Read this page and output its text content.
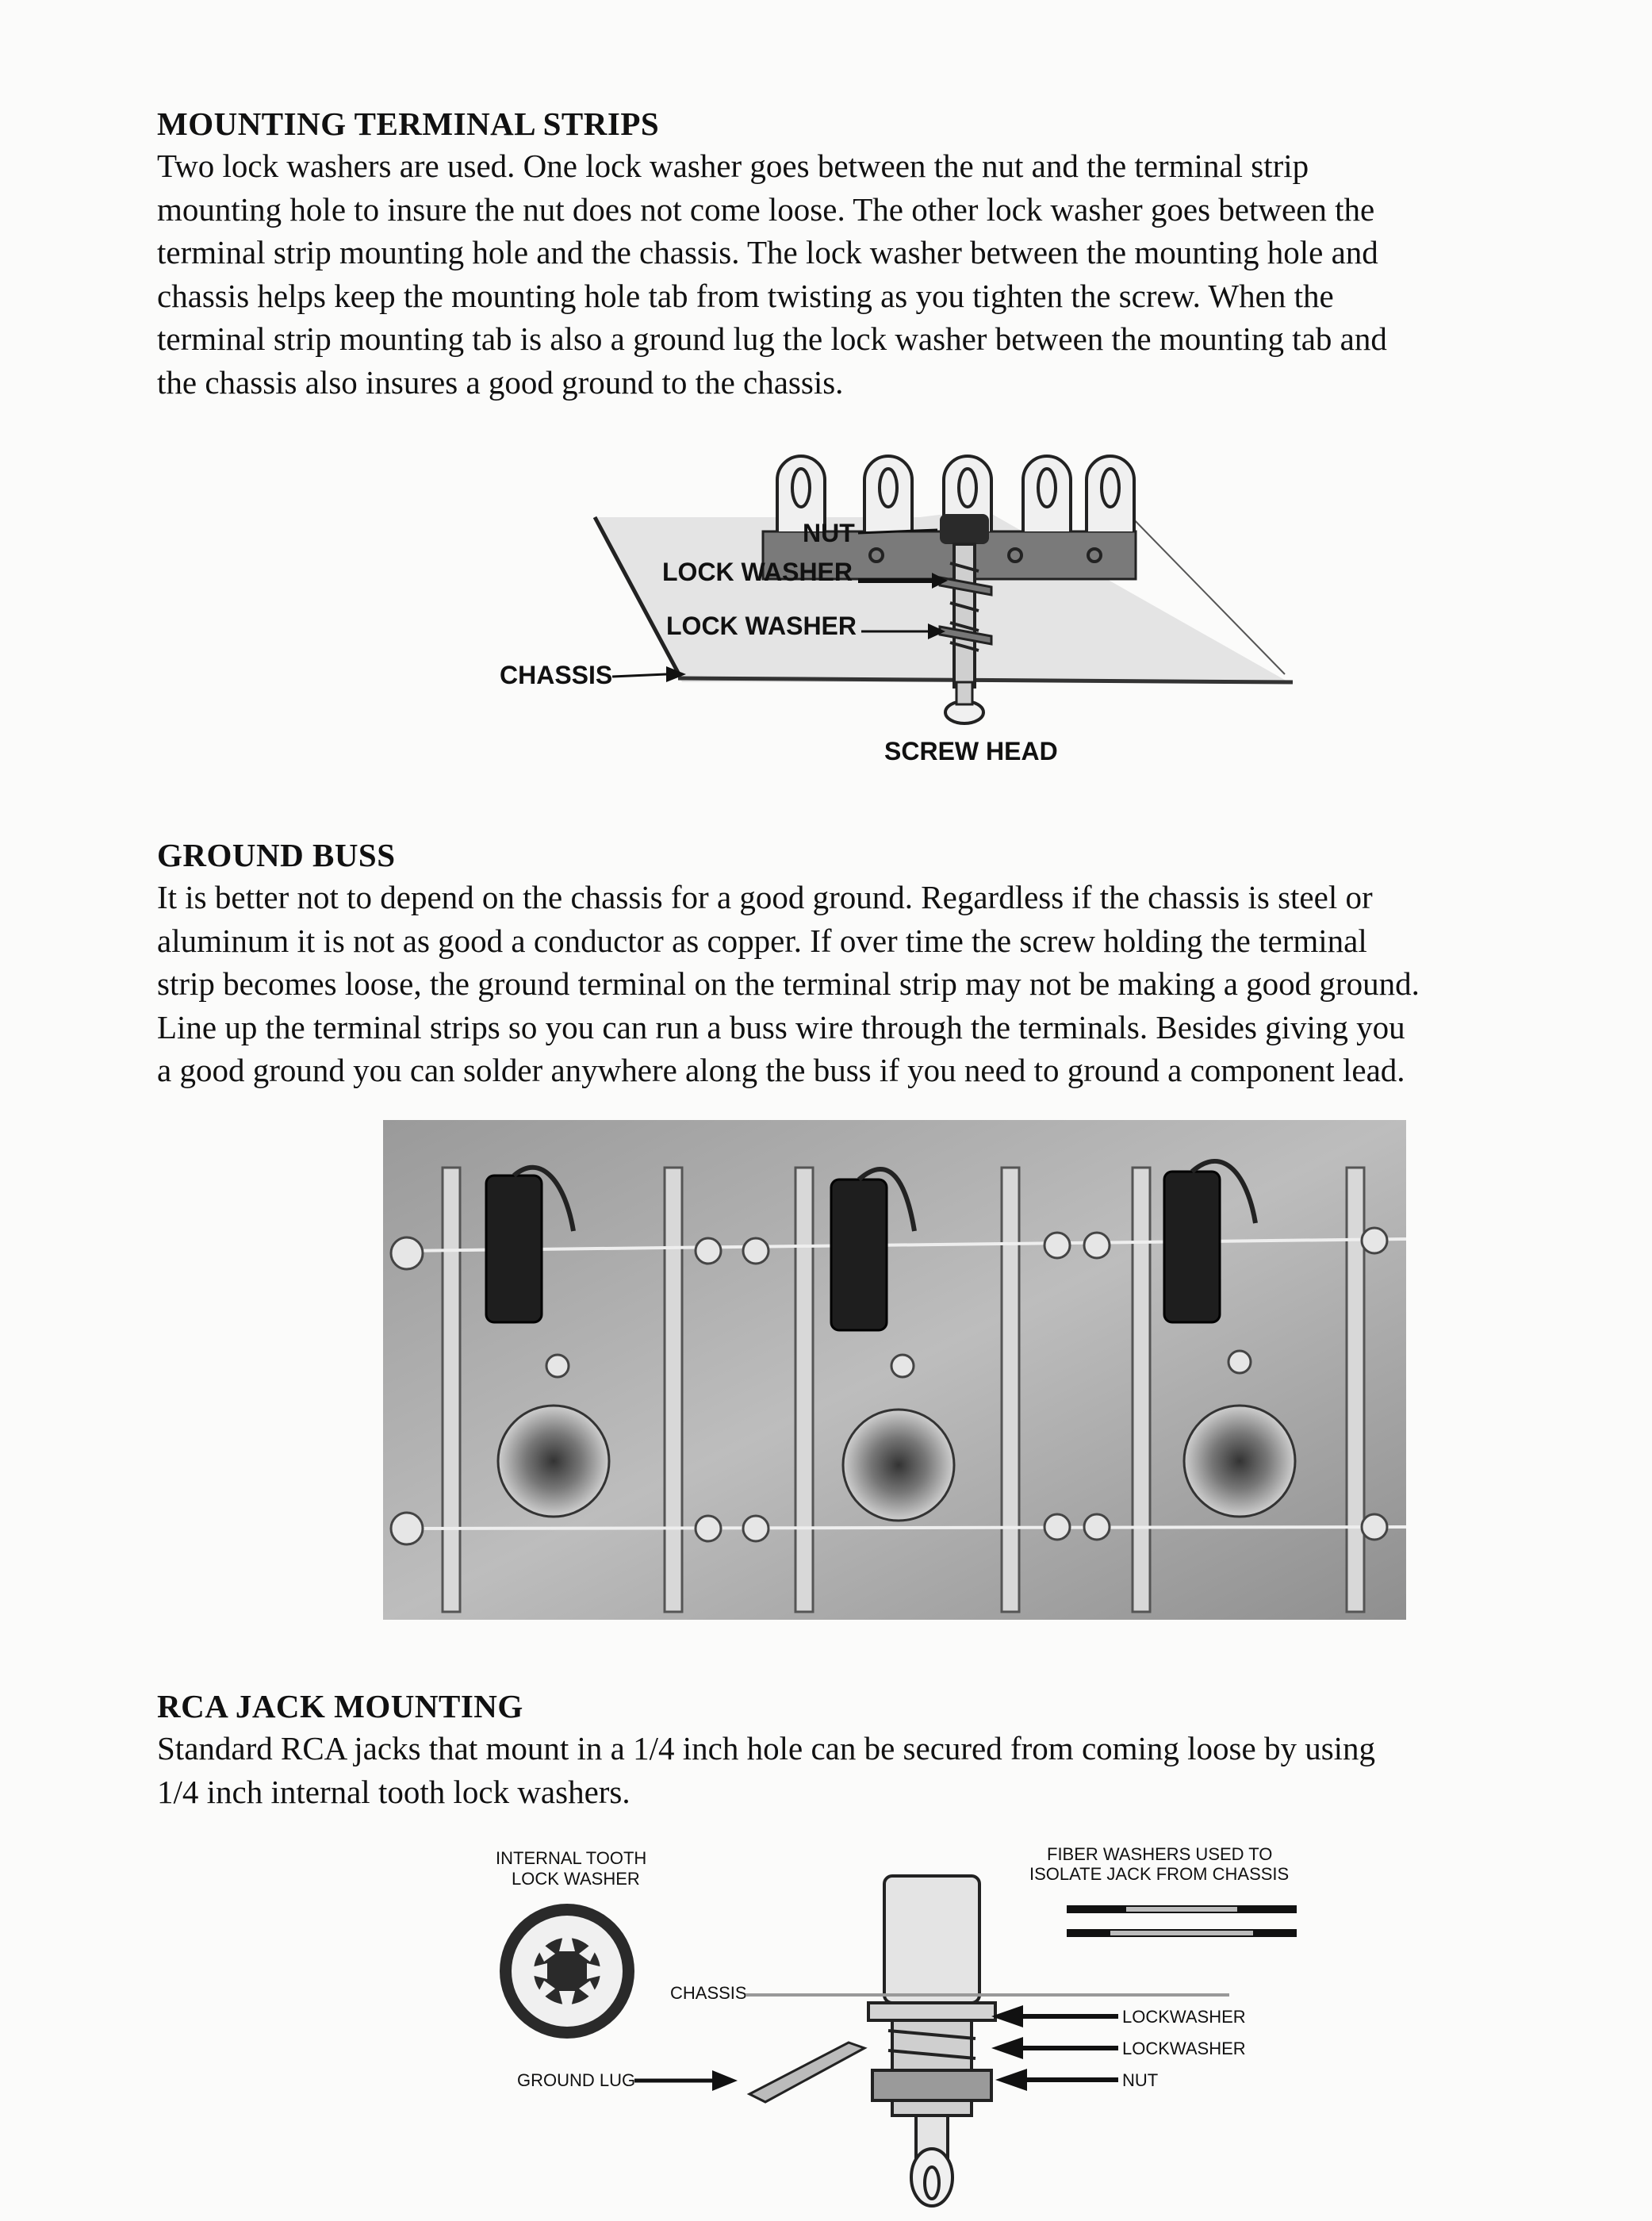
MOUNTING TERMINAL STRIPS

Two lock washers are used. One lock washer goes between the nut and the terminal strip
mounting hole to insure the nut does not come loose. The other lock washer goes between the
terminal strip mounting hole and the chassis. The lock washer between the mounting hole and
chassis helps keep the mounting hole tab from twisting as you tighten the screw. When the
terminal strip mounting tab is also a ground lug the lock washer between the mounting tab and
the chassis also insures a good ground to the chassis.

NUT
LOCK WASHER
LOCK WASHER
CHASSIS
SCREW HEAD
GROUND BUSS

It is better not to depend on the chassis for a good ground. Regardless if the chassis is steel or
aluminum it is not as good a conductor as copper. If over time the screw holding the terminal
strip becomes loose, the ground terminal on the terminal strip may not be making a good ground.
Line up the terminal strips so you can run a buss wire through the terminals. Besides giving you
a good ground you can solder anywhere along the buss if you need to ground a component lead.

RCA JACK MOUNTING

Standard RCA jacks that mount in a 1/4 inch hole can be secured from coming loose by using
1/4 inch internal tooth lock washers.

INTERNAL TOOTH
LOCK WASHER
FIBER WASHERS USED TO
ISOLATE JACK FROM CHASSIS
CHASSIS
GROUND LUG
LOCKWASHER
LOCKWASHER
NUT
